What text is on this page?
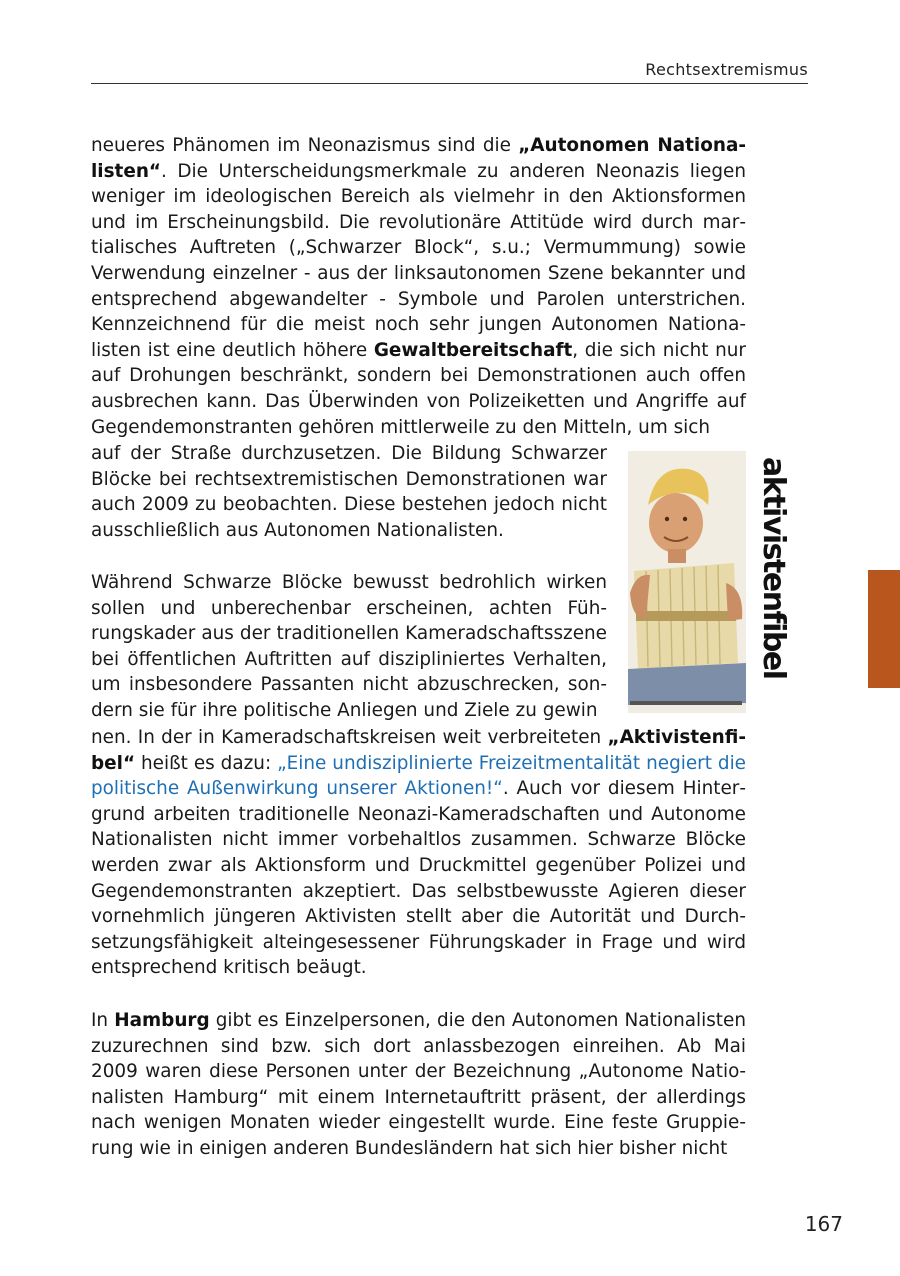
Rechtsextremismus

neueres Phänomen im Neonazismus sind die „Autonomen Nationalisten“. Die Unterscheidungsmerkmale zu anderen Neonazis liegen weniger im ideologischen Bereich als vielmehr in den Aktionsformen und im Erscheinungsbild. Die revolutionäre Attitüde wird durch martialisches Auftreten („Schwarzer Block“, s.u.; Vermummung) sowie Verwendung einzelner - aus der linksautonomen Szene bekannter und entsprechend abgewandelter - Symbole und Parolen unterstrichen. Kennzeichnend für die meist noch sehr jungen Autonomen Nationalisten ist eine deutlich höhere Gewaltbereitschaft, die sich nicht nur auf Drohungen beschränkt, sondern bei Demonstrationen auch offen ausbrechen kann. Das Überwinden von Polizeiketten und Angriffe auf Gegendemonstranten gehören mittlerweile zu den Mitteln, um sich

auf der Straße durchzusetzen. Die Bildung Schwarzer Blöcke bei rechtsextremistischen Demonstrationen war auch 2009 zu beobachten. Diese bestehen jedoch nicht ausschließlich aus Autonomen Nationalisten.

Während Schwarze Blöcke bewusst bedrohlich wirken sollen und unberechenbar erscheinen, achten Führungskader aus der traditionellen Kameradschaftsszene bei öffentlichen Auftritten auf diszipliniertes Verhalten, um insbesondere Passanten nicht abzuschrecken, sondern sie für ihre politische Anliegen und Ziele zu gewin

nen. In der in Kameradschaftskreisen weit verbreiteten „Aktivistenfibel“ heißt es dazu: „Eine undisziplinierte Freizeitmentalität negiert die politische Außenwirkung unserer Aktionen!“. Auch vor diesem Hintergrund arbeiten traditionelle Neonazi-Kameradschaften und Autonome Nationalisten nicht immer vorbehaltlos zusammen. Schwarze Blöcke werden zwar als Aktionsform und Druckmittel gegenüber Polizei und Gegendemonstranten akzeptiert. Das selbstbewusste Agieren dieser vornehmlich jüngeren Aktivisten stellt aber die Autorität und Durchsetzungsfähigkeit alteingesessener Führungskader in Frage und wird entsprechend kritisch beäugt.

In Hamburg gibt es Einzelpersonen, die den Autonomen Nationalisten zuzurechnen sind bzw. sich dort anlassbezogen einreihen. Ab Mai 2009 waren diese Personen unter der Bezeichnung „Autonome Nationalisten Hamburg“ mit einem Internetauftritt präsent, der allerdings nach wenigen Monaten wieder eingestellt wurde. Eine feste Gruppierung wie in einigen anderen Bundesländern hat sich hier bisher nicht

aktivistenfibel
167
